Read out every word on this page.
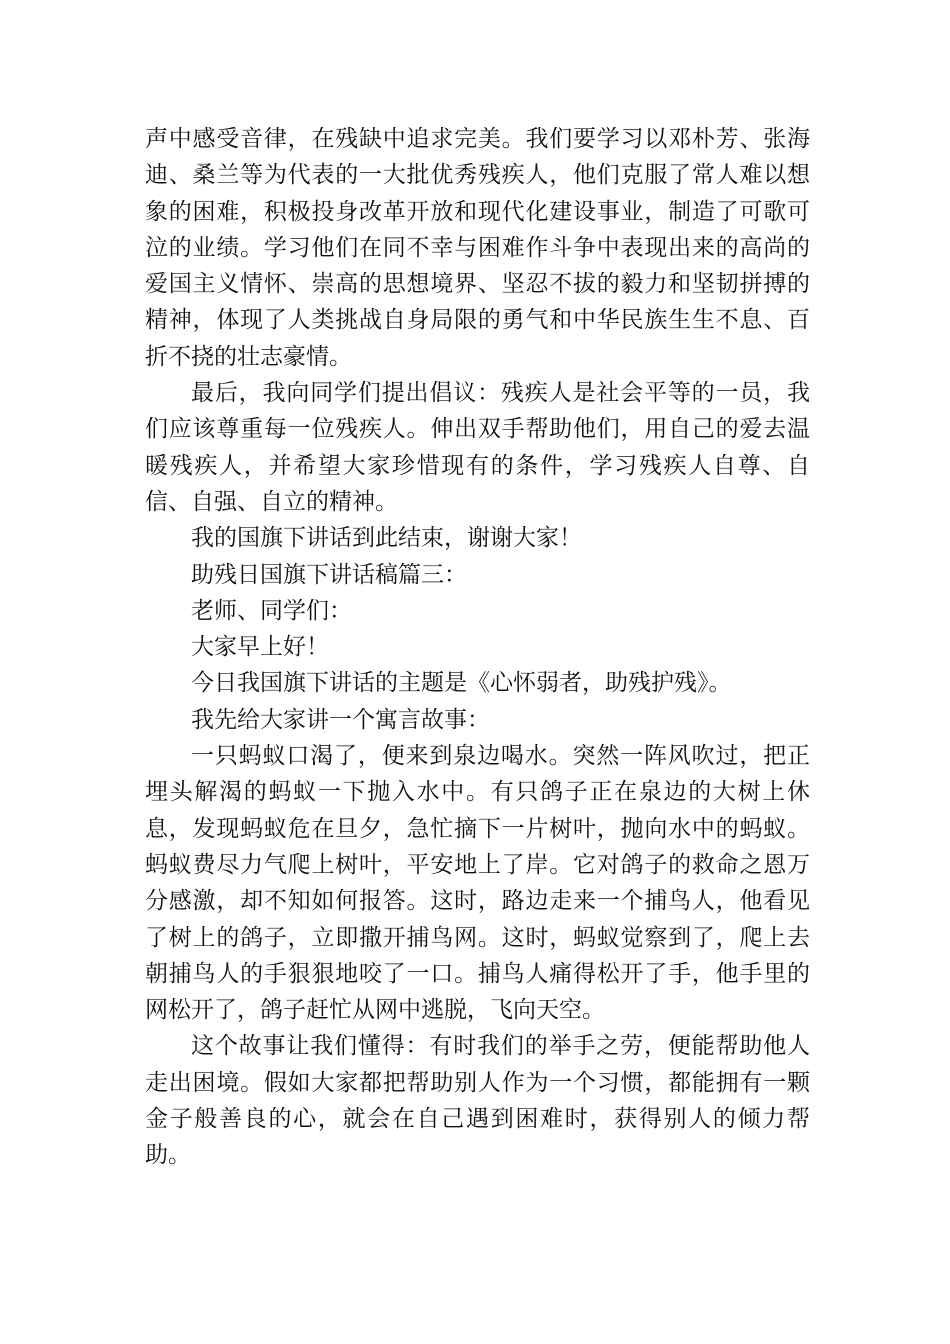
声中感受音律，在残缺中追求完美。我们要学习以邓朴芳、张海迪、桑兰等为代表的一大批优秀残疾人，他们克服了常人难以想象的困难，积极投身改革开放和现代化建设事业，制造了可歌可泣的业绩。学习他们在同不幸与困难作斗争中表现出来的高尚的爱国主义情怀、崇高的思想境界、坚忍不拔的毅力和坚韧拼搏的精神，体现了人类挑战自身局限的勇气和中华民族生生不息、百折不挠的壮志豪情。

最后，我向同学们提出倡议：残疾人是社会平等的一员，我们应该尊重每一位残疾人。伸出双手帮助他们，用自己的爱去温暖残疾人，并希望大家珍惜现有的条件，学习残疾人自尊、自信、自强、自立的精神。

我的国旗下讲话到此结束，谢谢大家！

助残日国旗下讲话稿篇三：

老师、同学们：

大家早上好！

今日我国旗下讲话的主题是《心怀弱者，助残护残》。

我先给大家讲一个寓言故事：

一只蚂蚁口渴了，便来到泉边喝水。突然一阵风吹过，把正埋头解渴的蚂蚁一下抛入水中。有只鸽子正在泉边的大树上休息，发现蚂蚁危在旦夕，急忙摘下一片树叶，抛向水中的蚂蚁。蚂蚁费尽力气爬上树叶，平安地上了岸。它对鸽子的救命之恩万分感激，却不知如何报答。这时，路边走来一个捕鸟人，他看见了树上的鸽子，立即撒开捕鸟网。这时，蚂蚁觉察到了，爬上去朝捕鸟人的手狠狠地咬了一口。捕鸟人痛得松开了手，他手里的网松开了，鸽子赶忙从网中逃脱，飞向天空。

这个故事让我们懂得：有时我们的举手之劳，便能帮助他人走出困境。假如大家都把帮助别人作为一个习惯，都能拥有一颗金子般善良的心，就会在自己遇到困难时，获得别人的倾力帮助。
